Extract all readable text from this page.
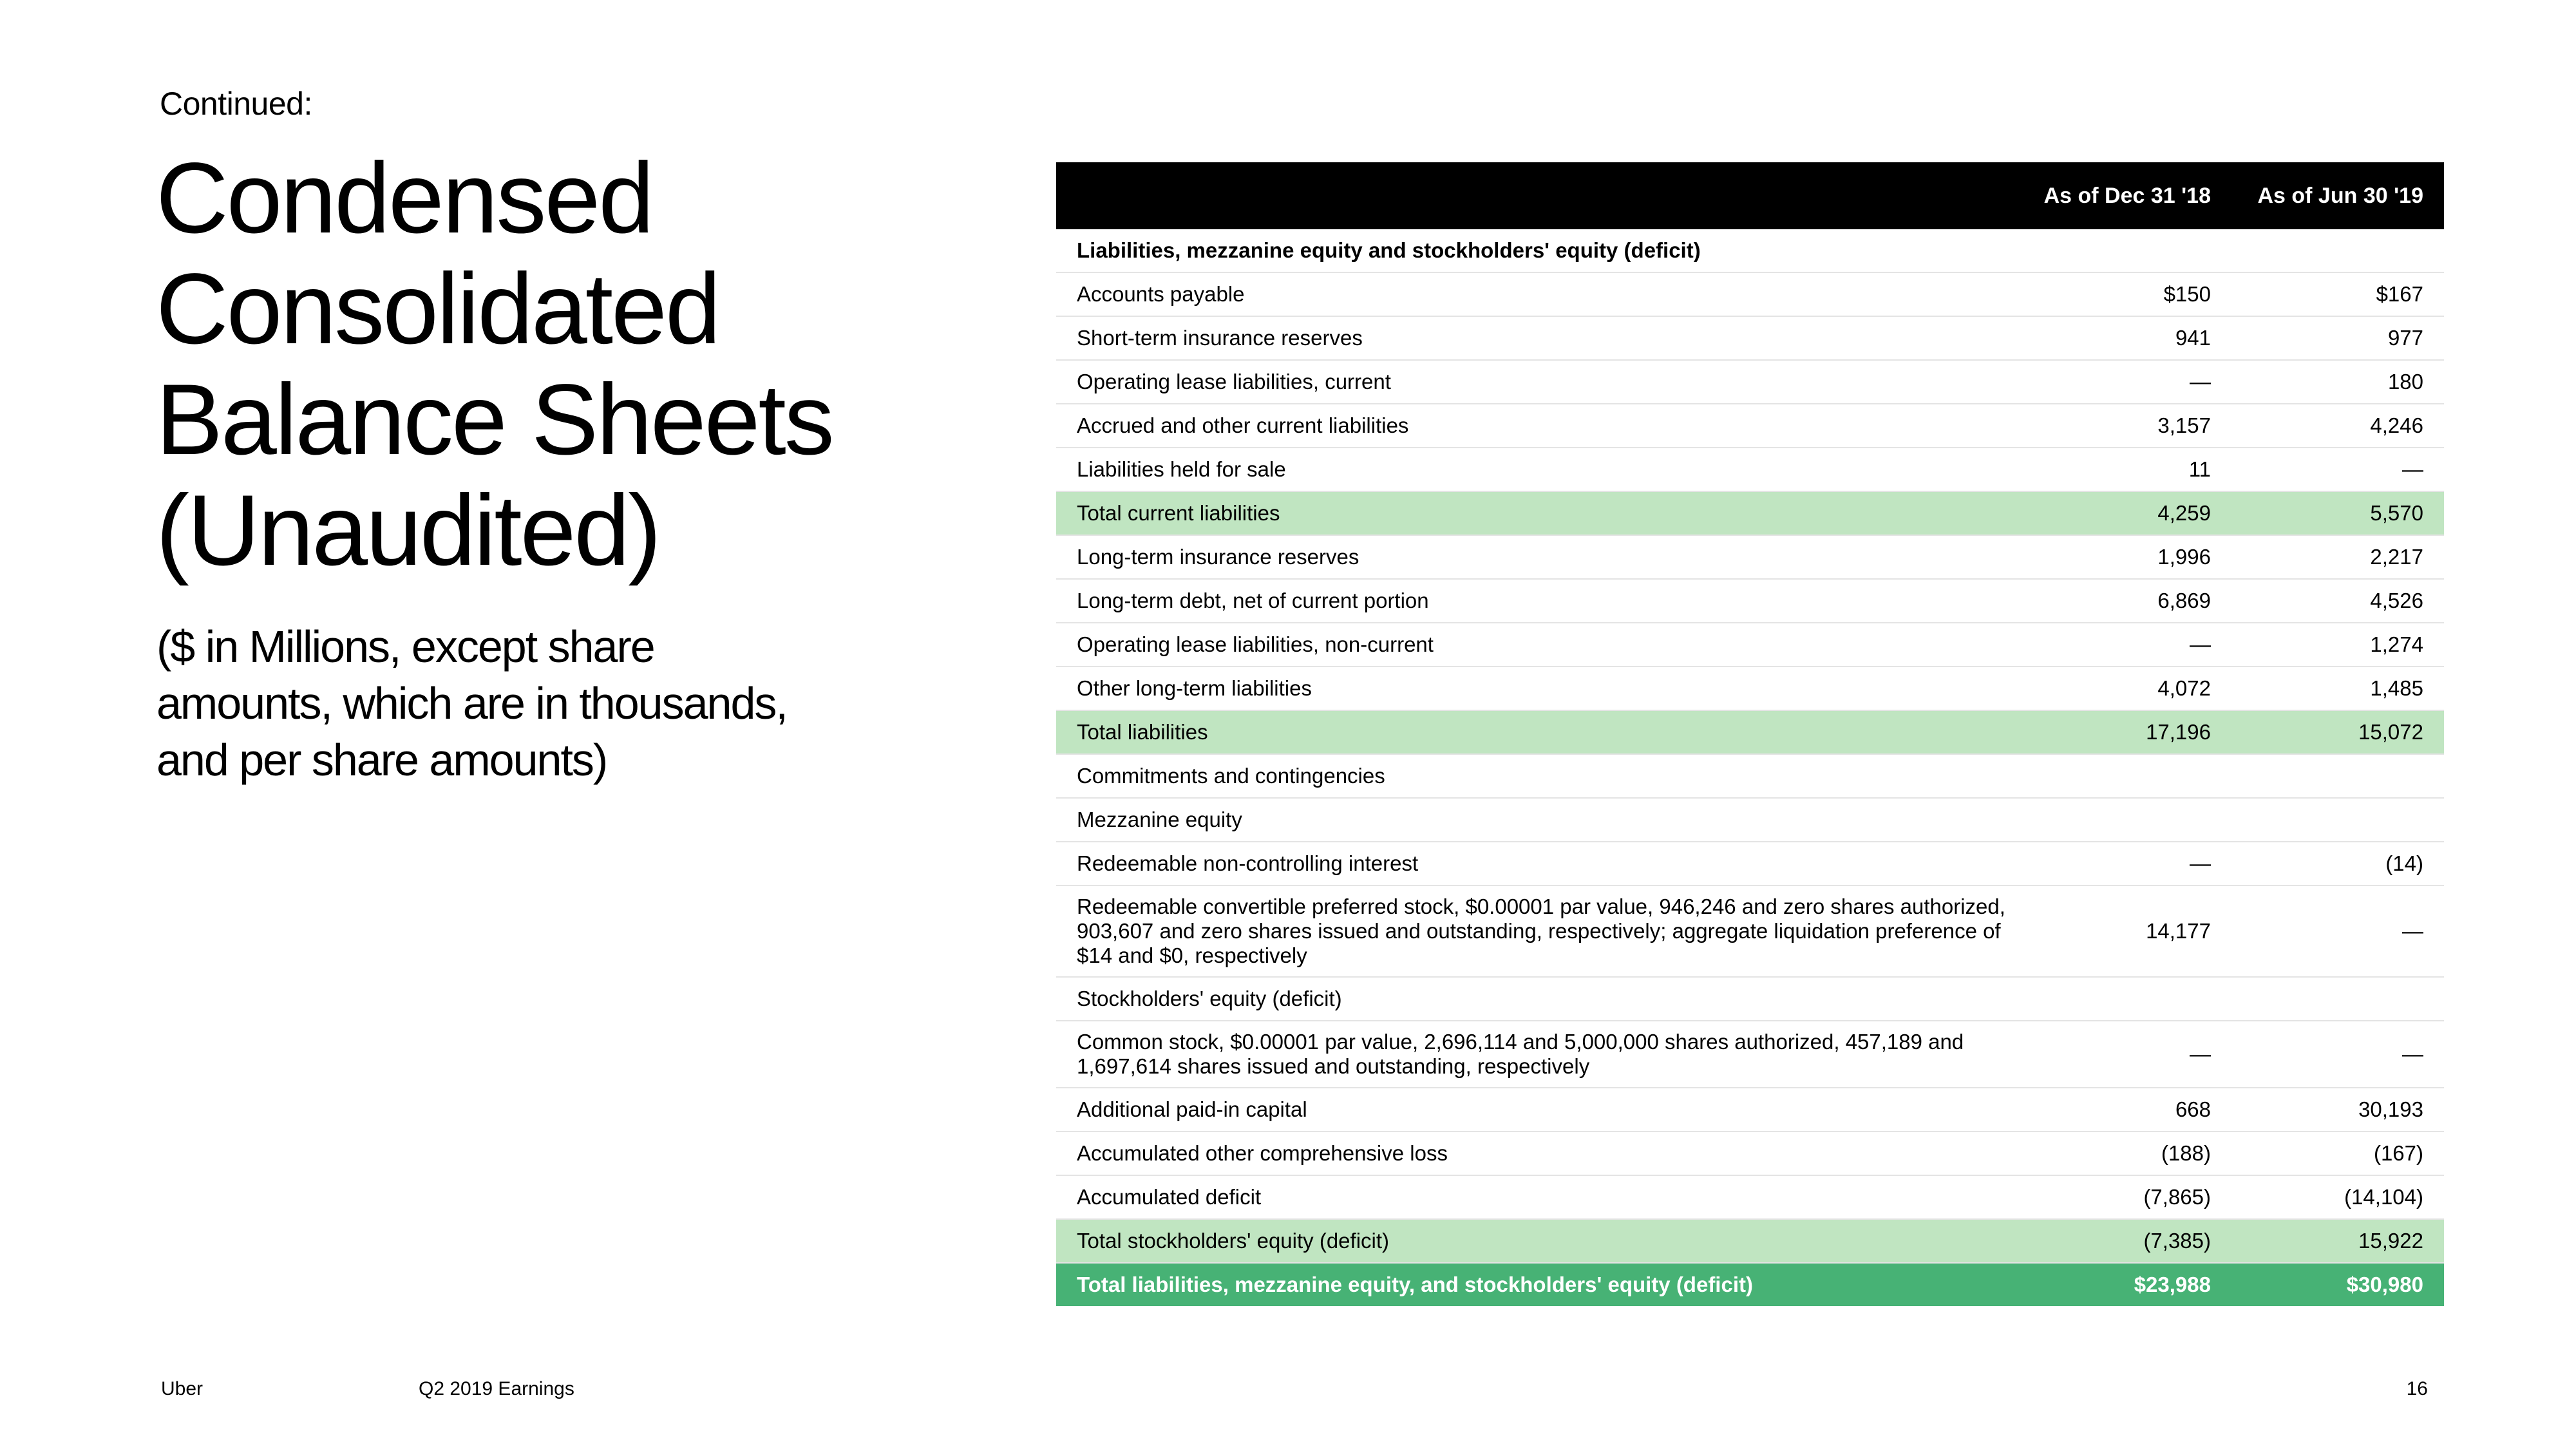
Continued:
Condensed
Consolidated
Balance Sheets
(Unaudited)

($ in Millions, except share
amounts, which are in thousands,
and per share amounts)

	As of Dec 31 '18	As of Jun 30 '19
Liabilities, mezzanine equity and stockholders' equity (deficit)		
Accounts payable	$150	$167
Short-term insurance reserves	941	977
Operating lease liabilities, current	—	180
Accrued and other current liabilities	3,157	4,246
Liabilities held for sale	11	—
Total current liabilities	4,259	5,570
Long-term insurance reserves	1,996	2,217
Long-term debt, net of current portion	6,869	4,526
Operating lease liabilities, non-current	—	1,274
Other long-term liabilities	4,072	1,485
Total liabilities	17,196	15,072
Commitments and contingencies		
Mezzanine equity		
Redeemable non-controlling interest	—	(14)
Redeemable convertible preferred stock, $0.00001 par value, 946,246 and zero shares authorized, 903,607 and zero shares issued and outstanding, respectively; aggregate liquidation preference of $14 and $0, respectively	14,177	—
Stockholders' equity (deficit)		
Common stock, $0.00001 par value, 2,696,114 and 5,000,000 shares authorized, 457,189 and 1,697,614 shares issued and outstanding, respectively	—	—
Additional paid-in capital	668	30,193
Accumulated other comprehensive loss	(188)	(167)
Accumulated deficit	(7,865)	(14,104)
Total stockholders' equity (deficit)	(7,385)	15,922
Total liabilities, mezzanine equity, and stockholders' equity (deficit)	$23,988	$30,980
Uber	Q2 2019 Earnings	16
